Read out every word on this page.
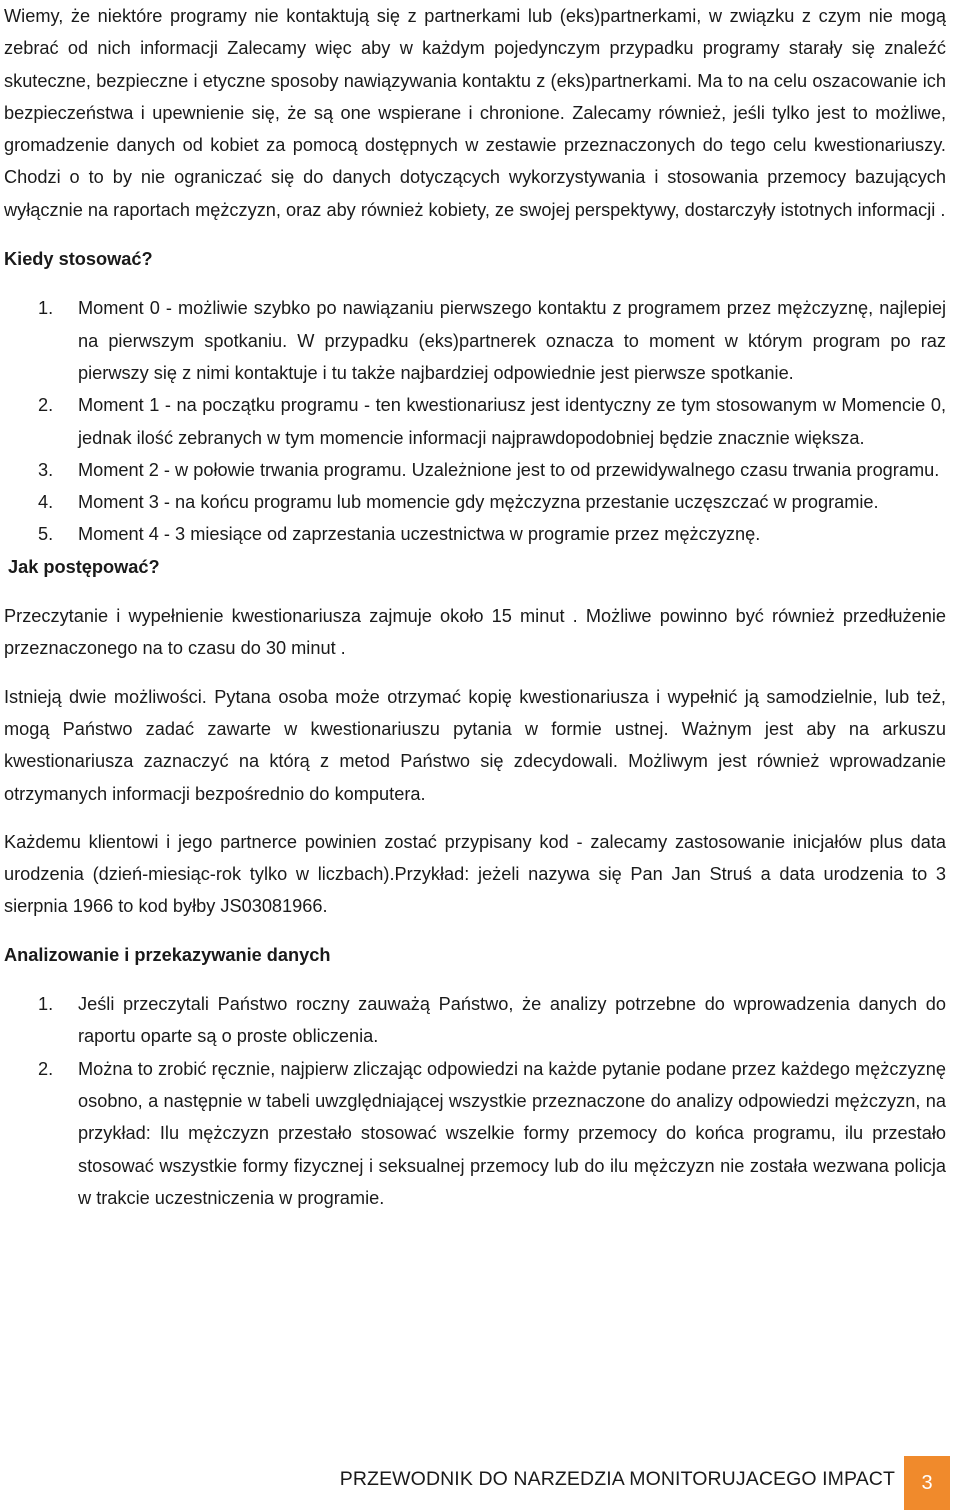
Wiemy, że niektóre programy nie kontaktują się z partnerkami lub (eks)partnerkami, w związku z czym nie mogą zebrać od nich informacji Zalecamy więc aby w każdym pojedynczym przypadku programy starały się znaleźć skuteczne, bezpieczne i etyczne sposoby nawiązywania kontaktu z (eks)partnerkami. Ma to na celu oszacowanie ich bezpieczeństwa i upewnienie się, że są one wspierane i chronione. Zalecamy również, jeśli tylko jest to możliwe, gromadzenie danych od kobiet za pomocą dostępnych w zestawie przeznaczonych do tego celu kwestionariuszy. Chodzi o to by nie ograniczać się do danych dotyczących wykorzystywania i stosowania przemocy bazujących wyłącznie na raportach mężczyzn, oraz aby również kobiety, ze swojej perspektywy, dostarczyły istotnych informacji .

Kiedy stosować?
1. Moment 0 - możliwie szybko po nawiązaniu pierwszego kontaktu z programem przez mężczyznę, najlepiej na pierwszym spotkaniu. W przypadku (eks)partnerek oznacza to moment w którym program po raz pierwszy się z nimi kontaktuje i tu także najbardziej odpowiednie jest pierwsze spotkanie.
2. Moment 1 - na początku programu - ten kwestionariusz jest identyczny ze tym stosowanym w Momencie 0, jednak ilość zebranych w tym momencie informacji najprawdopodobniej będzie znacznie większa.
3. Moment 2 - w połowie trwania programu. Uzależnione jest to od przewidywalnego czasu trwania programu.
4. Moment 3 - na końcu programu lub momencie gdy mężczyzna przestanie uczęszczać w programie.
5. Moment 4 - 3 miesiące od zaprzestania uczestnictwa w programie przez mężczyznę.
Jak postępować?

Przeczytanie i wypełnienie kwestionariusza zajmuje około 15 minut . Możliwe powinno być również przedłużenie przeznaczonego na to czasu do 30 minut .

Istnieją dwie możliwości. Pytana osoba może otrzymać kopię kwestionariusza i wypełnić ją samodzielnie, lub też, mogą Państwo zadać zawarte w kwestionariuszu pytania w formie ustnej. Ważnym jest aby na arkuszu kwestionariusza zaznaczyć na którą z metod Państwo się zdecydowali. Możliwym jest również wprowadzanie otrzymanych informacji bezpośrednio do komputera.

Każdemu klientowi i jego partnerce powinien zostać przypisany kod - zalecamy zastosowanie inicjałów plus data urodzenia (dzień-miesiąc-rok tylko w liczbach).Przykład: jeżeli nazywa się Pan Jan Struś a data urodzenia to 3 sierpnia 1966 to kod byłby JS03081966.

Analizowanie i przekazywanie danych
1. Jeśli przeczytali Państwo roczny zauważą Państwo, że analizy potrzebne do wprowadzenia danych do raportu oparte są o proste obliczenia.
2. Można to zrobić ręcznie, najpierw zliczając odpowiedzi na każde pytanie podane przez każdego mężczyznę osobno, a następnie w tabeli uwzględniającej wszystkie przeznaczone do analizy odpowiedzi mężczyzn, na przykład: Ilu mężczyzn przestało stosować wszelkie formy przemocy do końca programu, ilu przestało stosować wszystkie formy fizycznej i seksualnej przemocy lub do ilu mężczyzn nie została wezwana policja w trakcie uczestniczenia w programie.
PRZEWODNIK DO NARZEDZIA MONITORUJACEGO IMPACT 3
